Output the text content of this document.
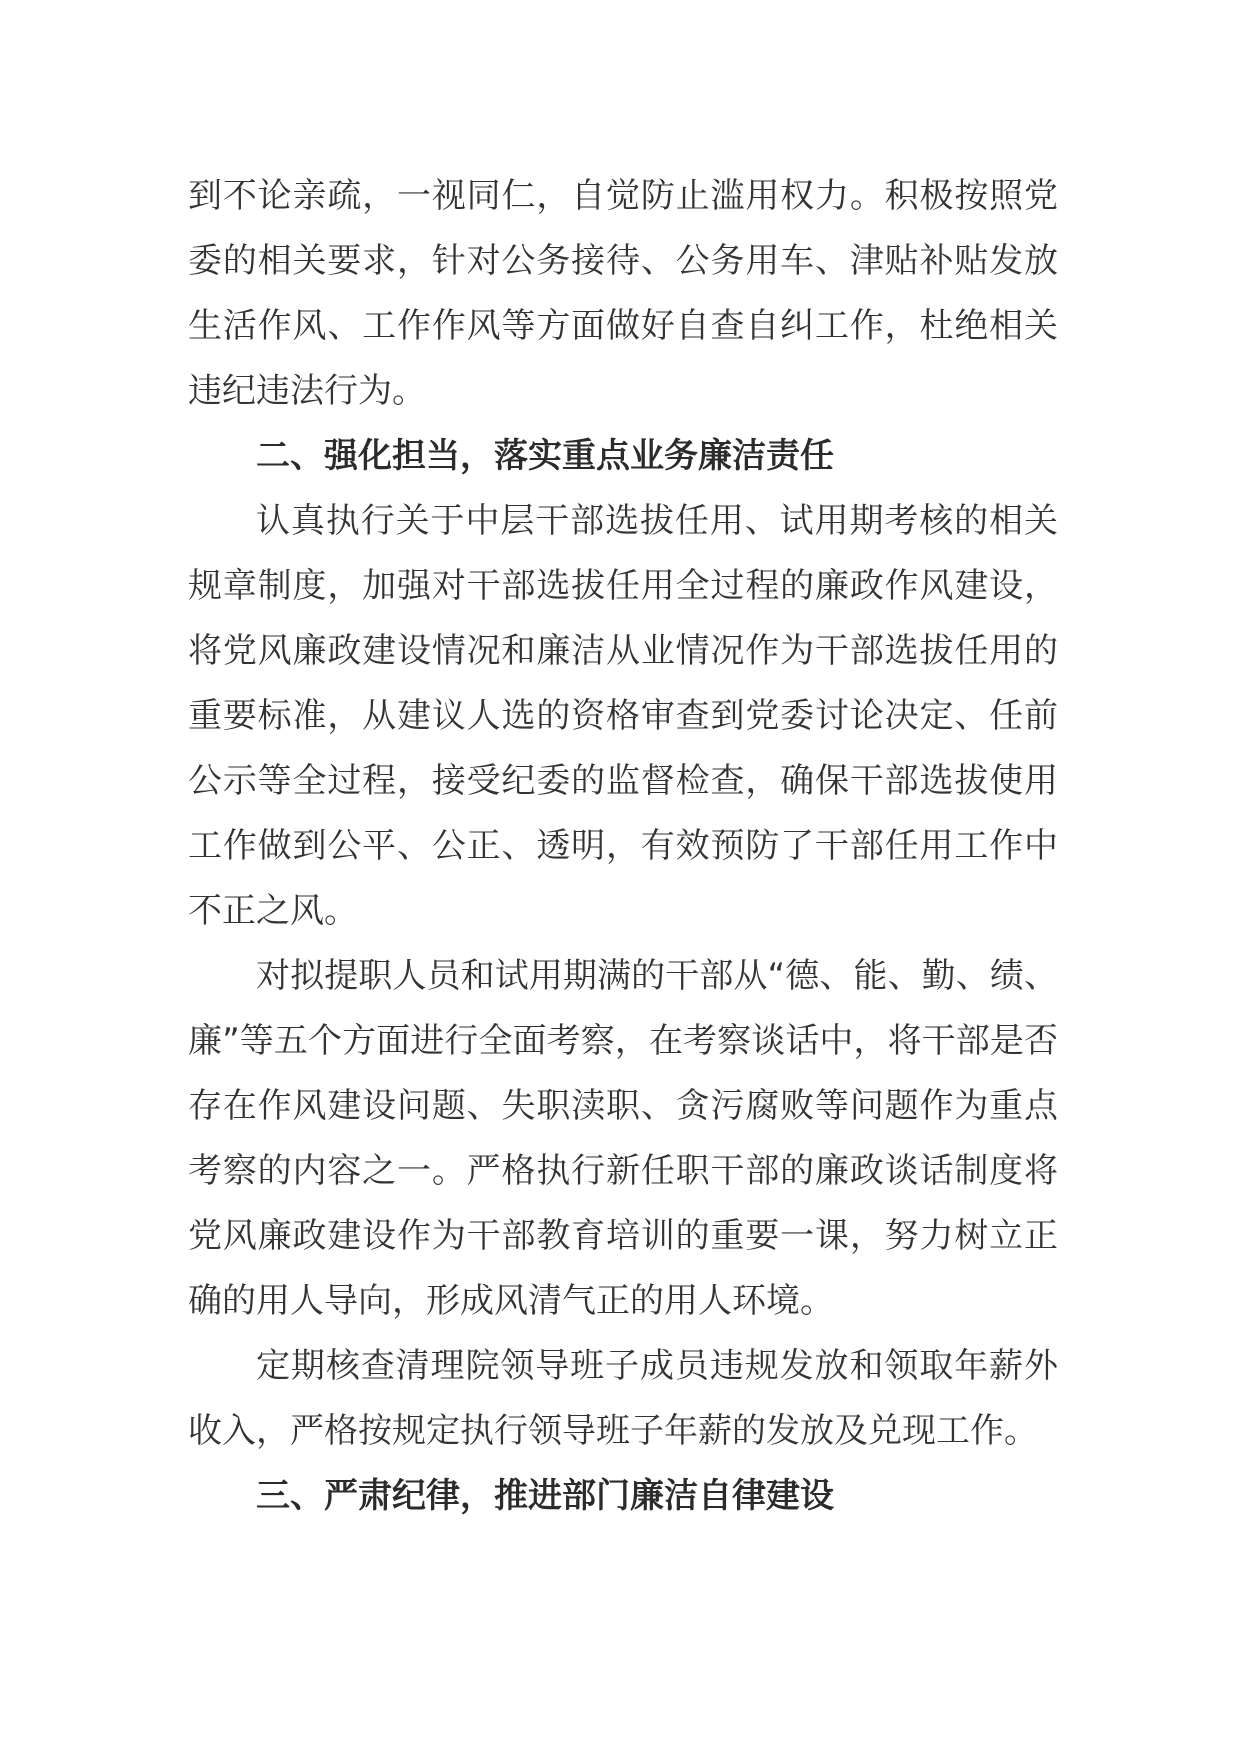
到不论亲疏，一视同仁，自觉防止滥用权力。积极按照党委的相关要求，针对公务接待、公务用车、津贴补贴发放生活作风、工作作风等方面做好自查自纠工作，杜绝相关违纪违法行为。

二、强化担当，落实重点业务廉洁责任

认真执行关于中层干部选拔任用、试用期考核的相关规章制度，加强对干部选拔任用全过程的廉政作风建设，将党风廉政建设情况和廉洁从业情况作为干部选拔任用的重要标准，从建议人选的资格审查到党委讨论决定、任前公示等全过程，接受纪委的监督检查，确保干部选拔使用工作做到公平、公正、透明，有效预防了干部任用工作中不正之风。

对拟提职人员和试用期满的干部从“德、能、勤、绩、廉”等五个方面进行全面考察，在考察谈话中，将干部是否存在作风建设问题、失职渎职、贪污腐败等问题作为重点考察的内容之一。严格执行新任职干部的廉政谈话制度将党风廉政建设作为干部教育培训的重要一课，努力树立正确的用人导向，形成风清气正的用人环境。

定期核查清理院领导班子成员违规发放和领取年薪外收入，严格按规定执行领导班子年薪的发放及兑现工作。

三、严肃纪律，推进部门廉洁自律建设
